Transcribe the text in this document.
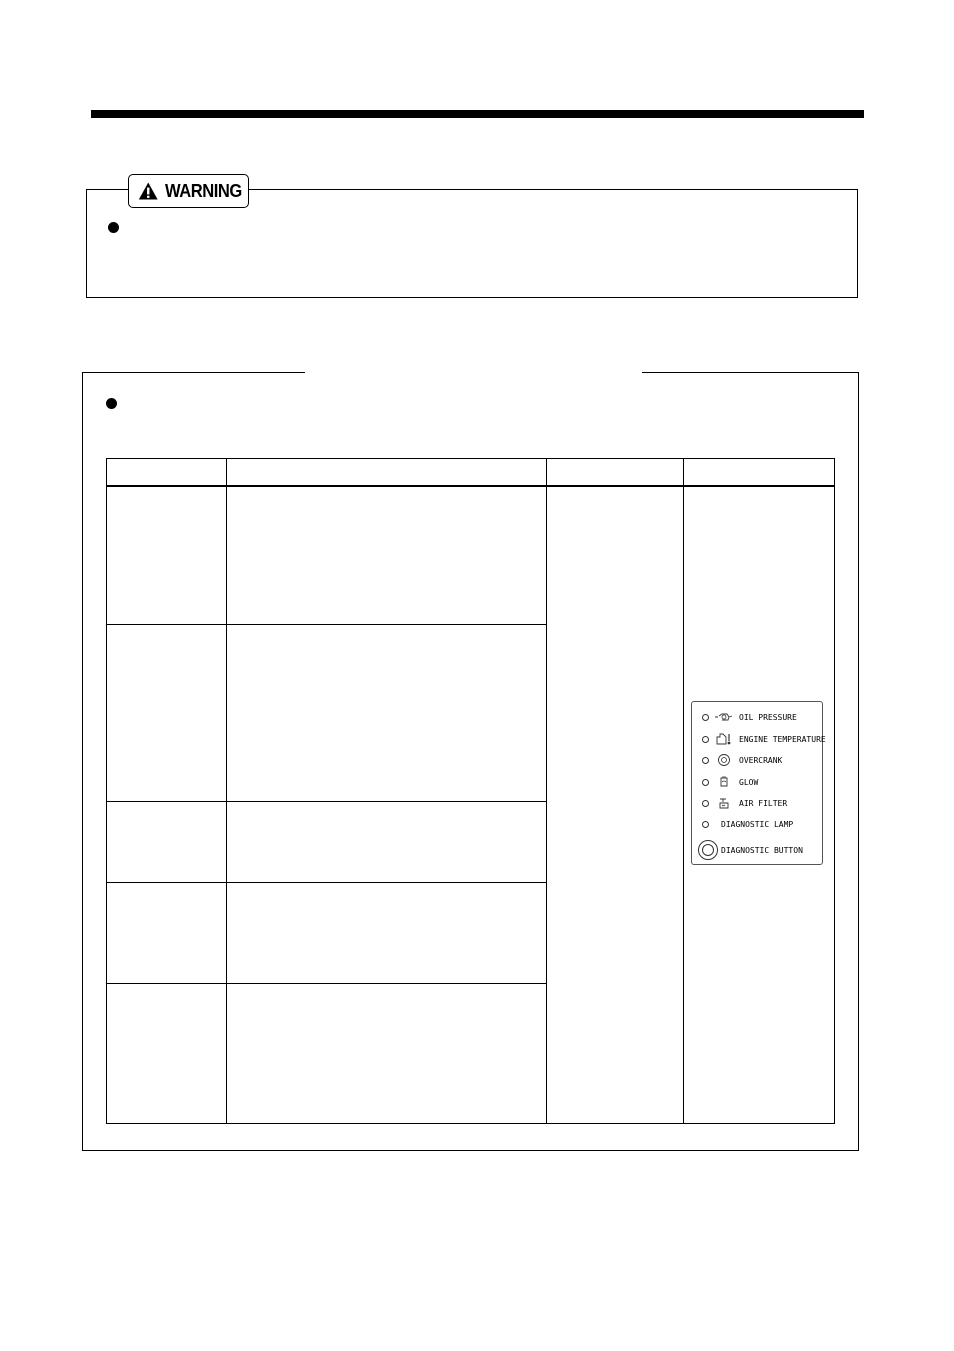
WARNING
OIL PRESSURE
ENGINE TEMPERATURE
OVERCRANK
GLOW
AIR FILTER
DIAGNOSTIC LAMP
DIAGNOSTIC BUTTON
